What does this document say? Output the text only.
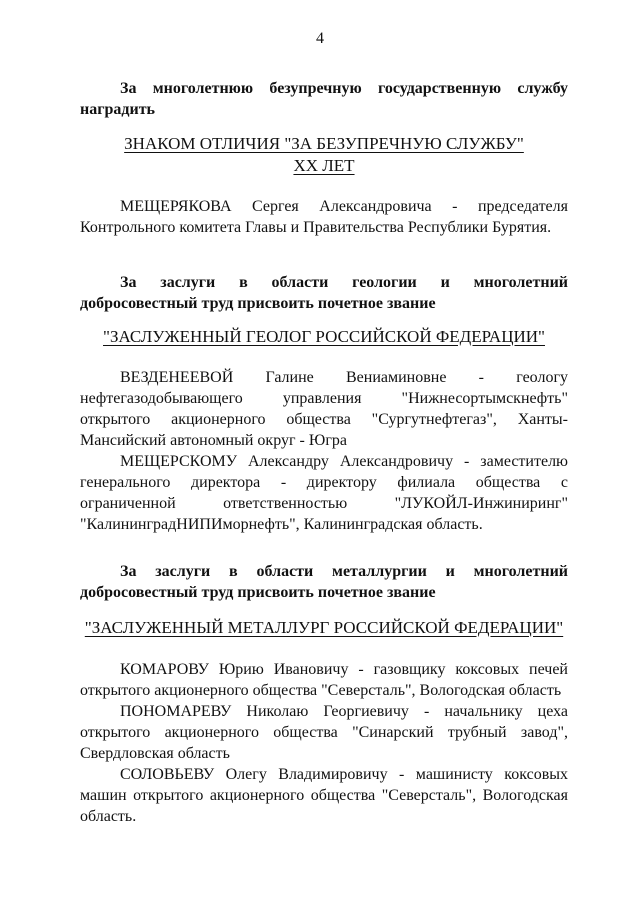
4
За многолетнюю безупречную государственную службу
наградить
ЗНАКОМ ОТЛИЧИЯ "ЗА БЕЗУПРЕЧНУЮ СЛУЖБУ"
XX ЛЕТ
МЕЩЕРЯКОВА Сергея Александровича - председателя
Контрольного комитета Главы и Правительства Республики Бурятия.
За заслуги в области геологии и многолетний
добросовестный труд присвоить почетное звание
"ЗАСЛУЖЕННЫЙ ГЕОЛОГ РОССИЙСКОЙ ФЕДЕРАЦИИ"
ВЕЗДЕНЕЕВОЙ Галине Вениаминовне - геологу
нефтегазодобывающего управления "Нижнесортымскнефть"
открытого акционерного общества "Сургутнефтегаз", Ханты-
Мансийский автономный округ - Югра
МЕЩЕРСКОМУ Александру Александровичу - заместителю
генерального директора - директору филиала общества с
ограниченной ответственностью "ЛУКОЙЛ-Инжиниринг"
"КалининградНИПИморнефть", Калининградская область.
За заслуги в области металлургии и многолетний
добросовестный труд присвоить почетное звание
"ЗАСЛУЖЕННЫЙ МЕТАЛЛУРГ РОССИЙСКОЙ ФЕДЕРАЦИИ"
КОМАРОВУ Юрию Ивановичу - газовщику коксовых печей
открытого акционерного общества "Северсталь", Вологодская область
ПОНОМАРЕВУ Николаю Георгиевичу - начальнику цеха
открытого акционерного общества "Синарский трубный завод",
Свердловская область
СОЛОВЬЕВУ Олегу Владимировичу - машинисту коксовых
машин открытого акционерного общества "Северсталь", Вологодская
область.
